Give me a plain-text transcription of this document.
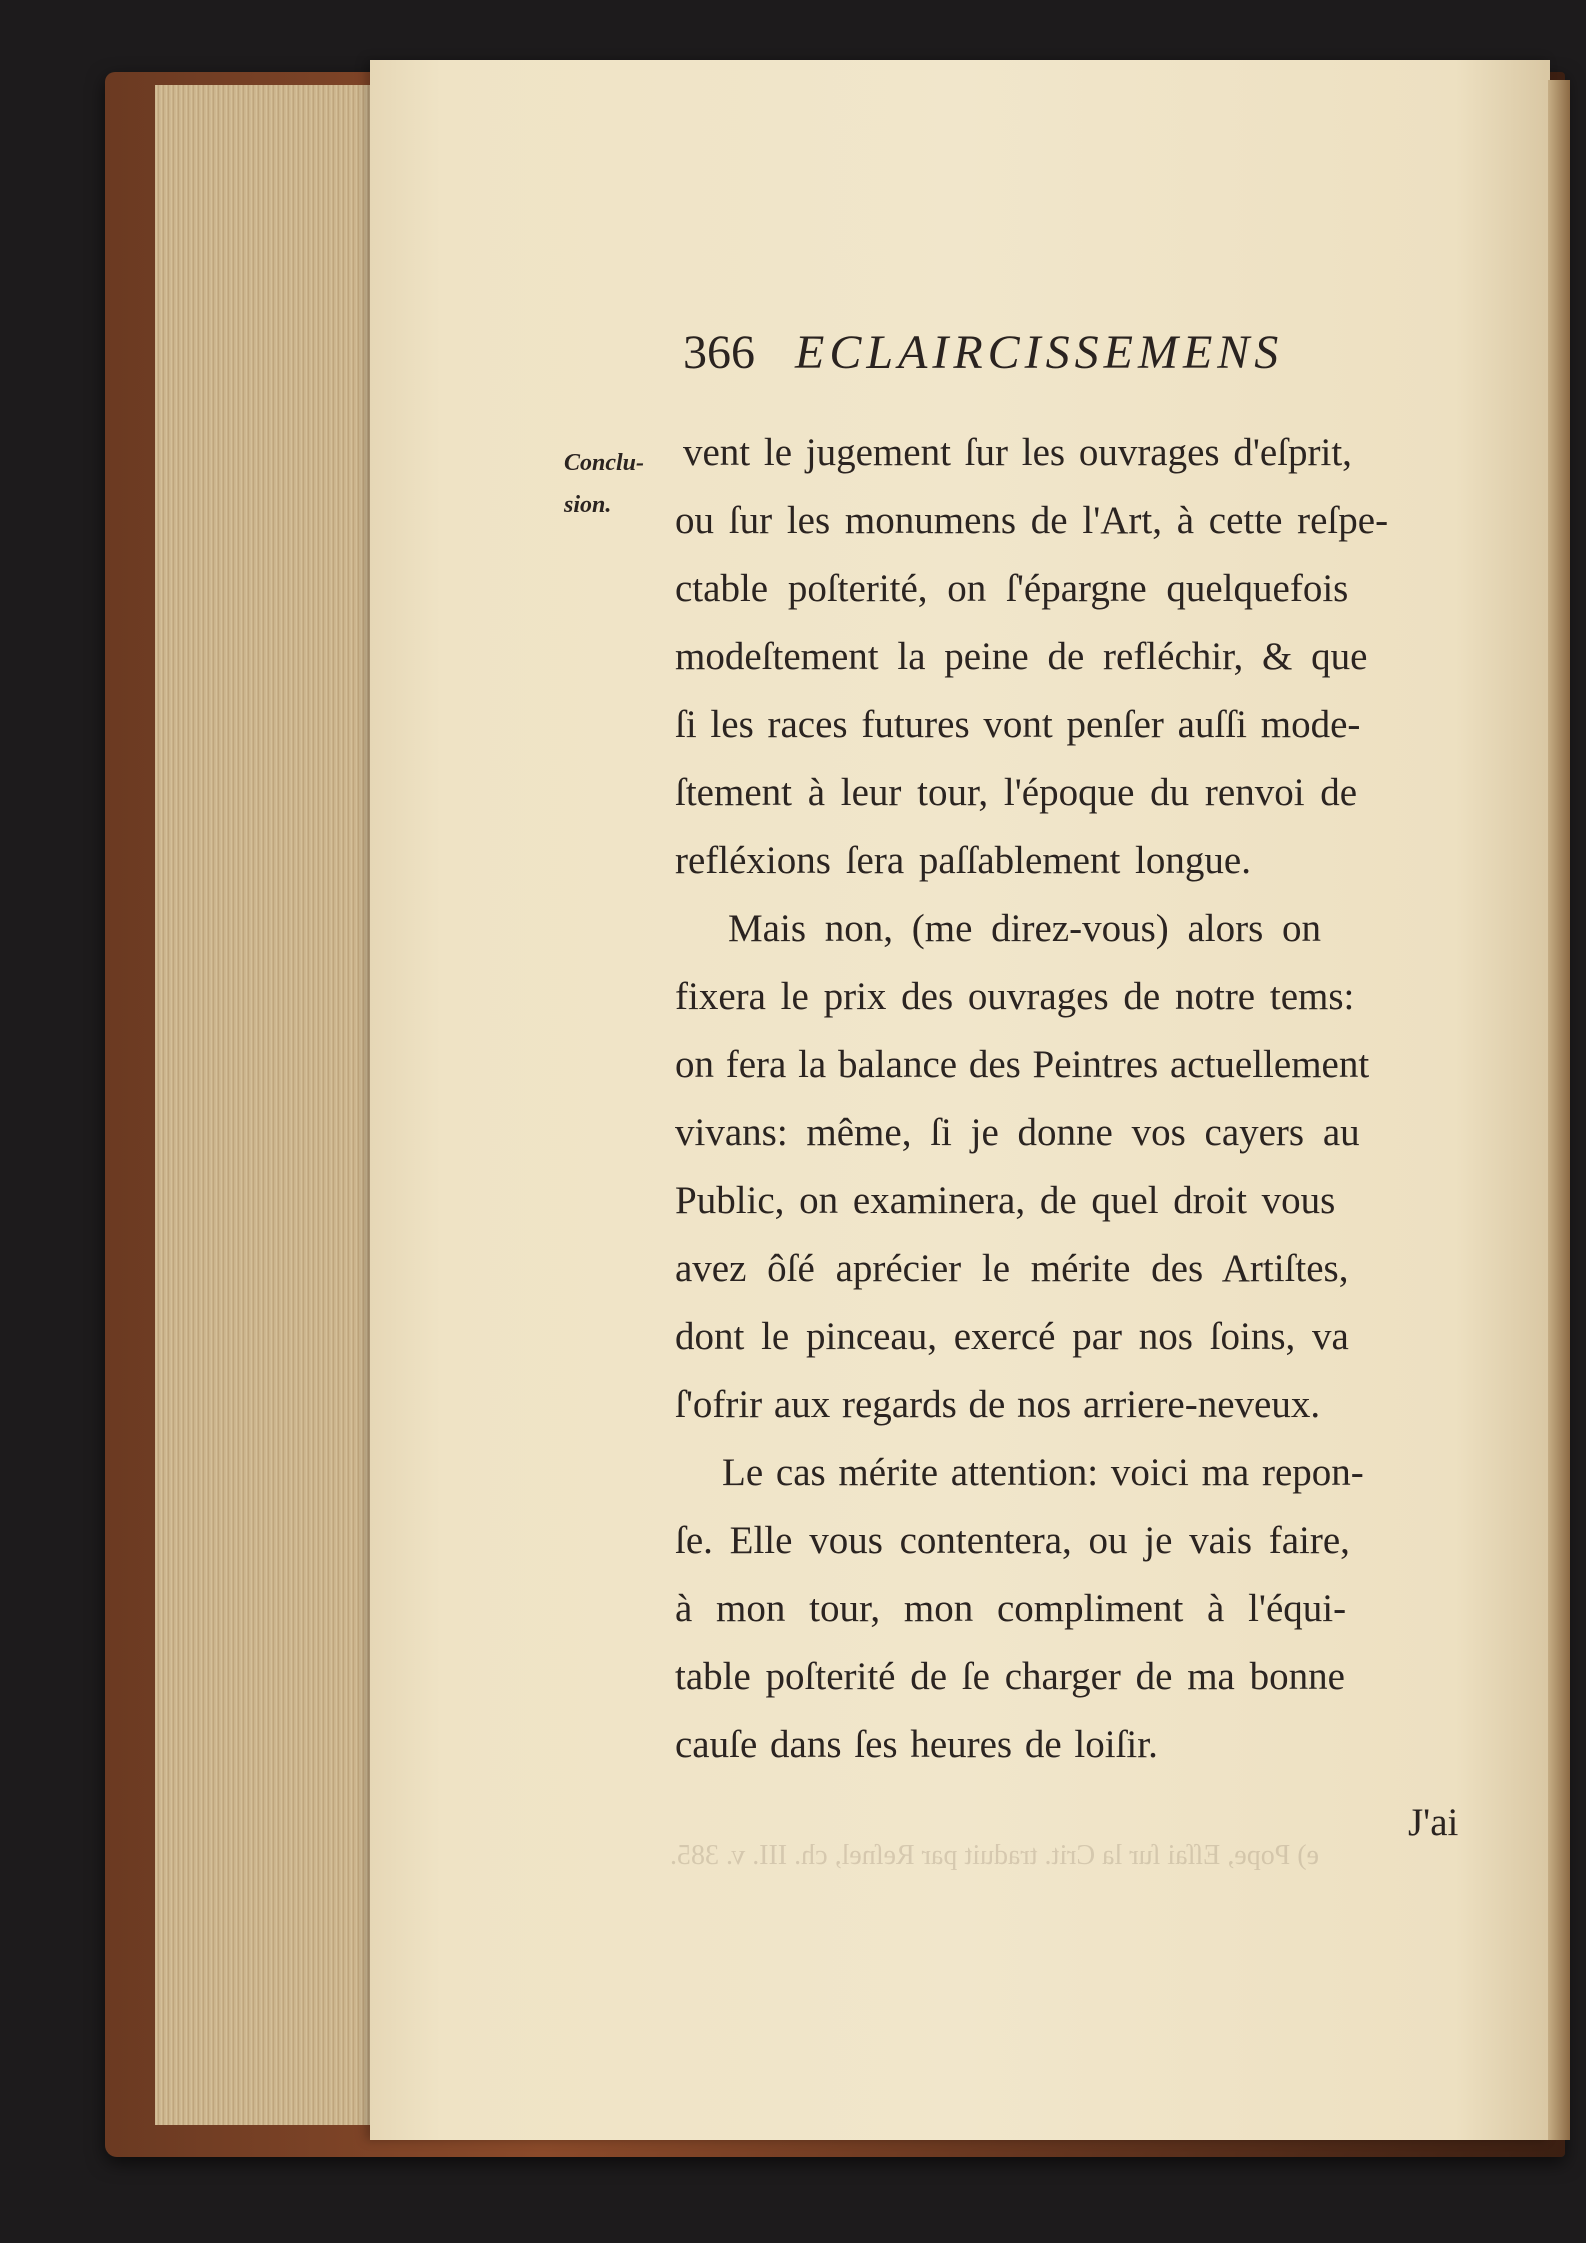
366 ECLAIRCISSEMENS
Conclu-
sion.
vent le jugement ſur les ouvrages d'eſprit,
ou ſur les monumens de l'Art, à cette reſpe-
ctable poſterité, on ſ'épargne quelquefois
modeſtement la peine de refléchir, & que
ſi les races futures vont penſer auſſi mode-
ſtement à leur tour, l'époque du renvoi de
refléxions ſera paſſablement longue.
Mais non, (me direz-vous) alors on
fixera le prix des ouvrages de notre tems:
on fera la balance des Peintres actuellement
vivans: même, ſi je donne vos cayers au
Public, on examinera, de quel droit vous
avez ôſé aprécier le mérite des Artiſtes,
dont le pinceau, exercé par nos ſoins, va
ſ'ofrir aux regards de nos arriere-neveux.
Le cas mérite attention: voici ma repon-
ſe. Elle vous contentera, ou je vais faire,
à mon tour, mon compliment à l'équi-
table poſterité de ſe charger de ma bonne
cauſe dans ſes heures de loiſir.
J'ai
e) Pope, Eſſai ſur la Crit. traduit par Reſnel, ch. III. v. 385.
